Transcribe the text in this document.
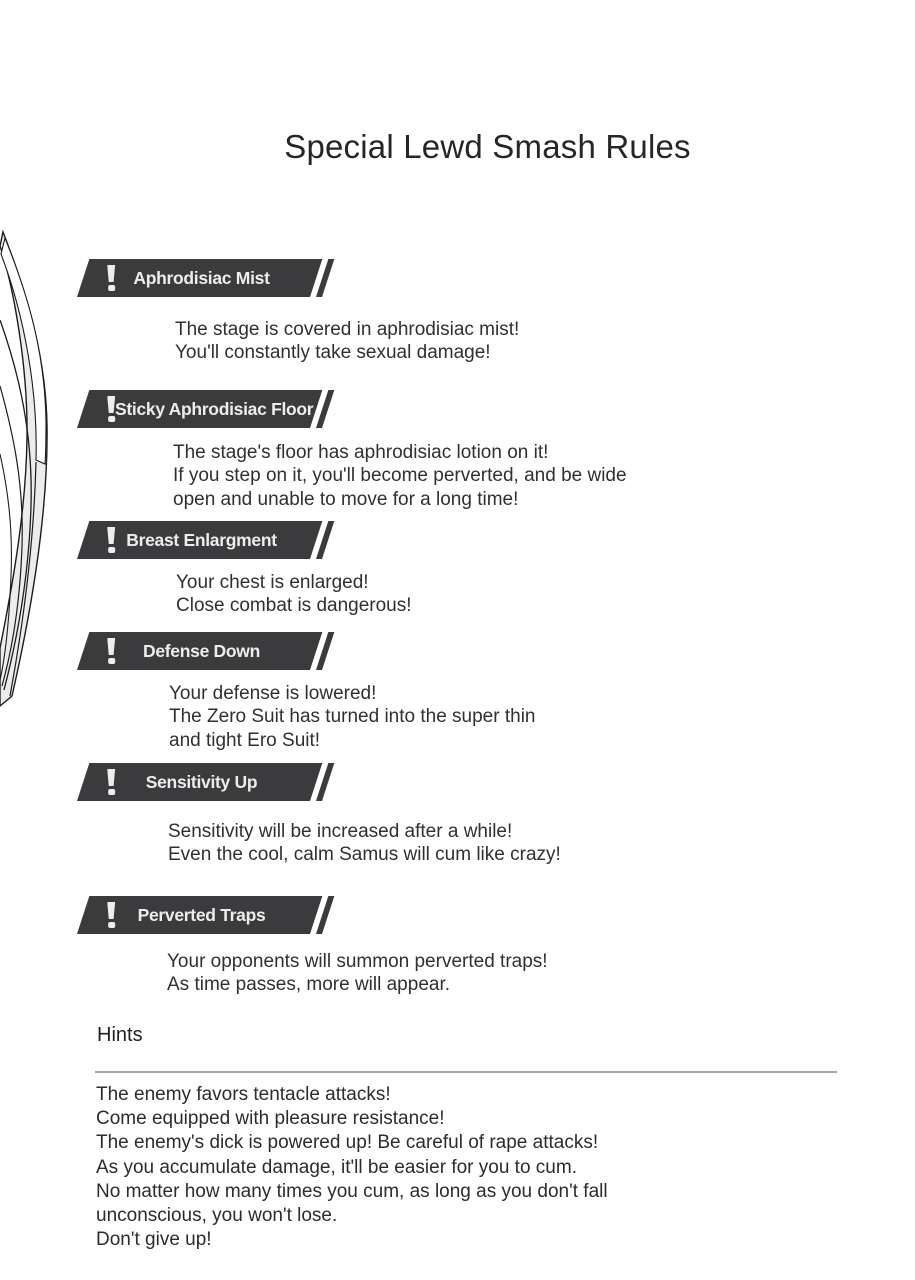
Special Lewd Smash Rules
Aphrodisiac Mist
The stage is covered in aphrodisiac mist!
You'll constantly take sexual damage!
Sticky Aphrodisiac Floor
The stage's floor has aphrodisiac lotion on it!
If you step on it, you'll become perverted, and be wide
open and unable to move for a long time!
Breast Enlargment
Your chest is enlarged!
Close combat is dangerous!
Defense Down
Your defense is lowered!
The Zero Suit has turned into the super thin
and tight Ero Suit!
Sensitivity Up
Sensitivity will be increased after a while!
Even the cool, calm Samus will cum like crazy!
Perverted Traps
Your opponents will summon perverted traps!
As time passes, more will appear.
Hints
The enemy favors tentacle attacks!
Come equipped with pleasure resistance!
The enemy's dick is powered up! Be careful of rape attacks!
As you accumulate damage, it'll be easier for you to cum.
No matter how many times you cum, as long as you don't fall
unconscious, you won't lose.
Don't give up!
